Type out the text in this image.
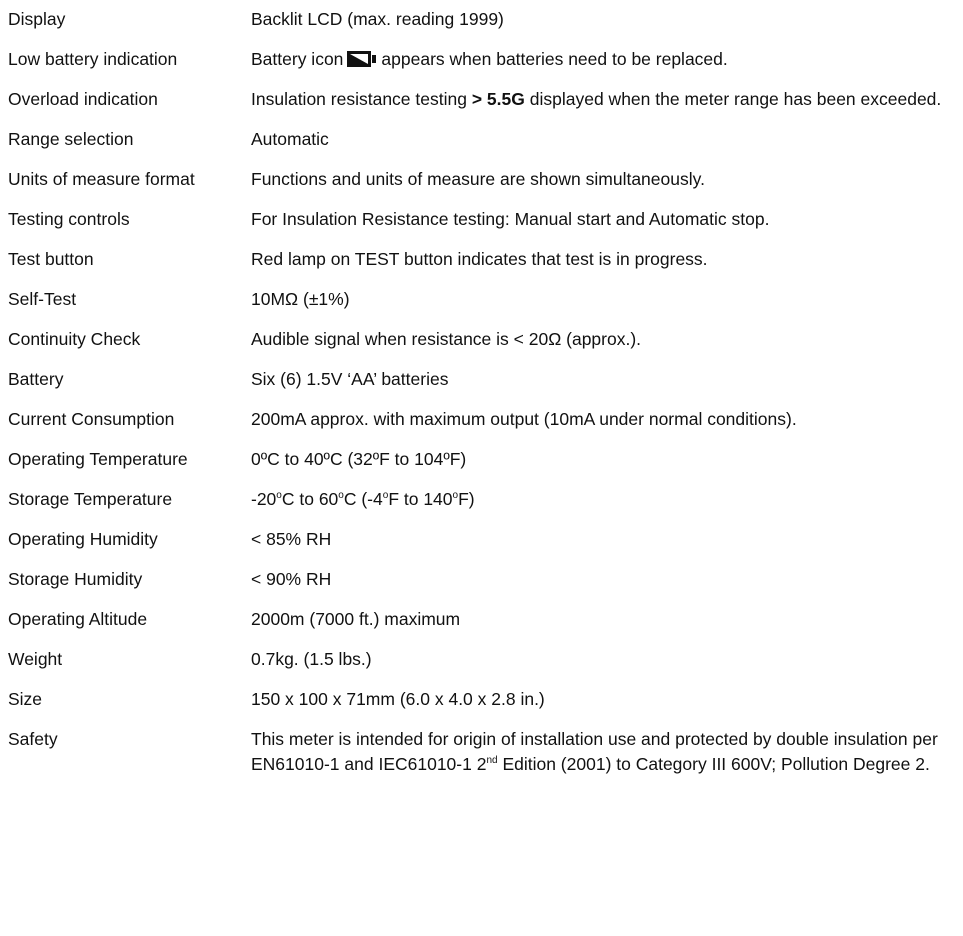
Display	Backlit LCD (max. reading 1999)
Low battery indication	Battery icon appears when batteries need to be replaced.
Overload indication	Insulation resistance testing > 5.5G displayed when the meter range has been exceeded.
Range selection	Automatic
Units of measure format	Functions and units of measure are shown simultaneously.
Testing controls	For Insulation Resistance testing: Manual start and Automatic stop.
Test button	Red lamp on TEST button indicates that test is in progress.
Self-Test	10MΩ (±1%)
Continuity Check	Audible signal when resistance is < 20Ω (approx.).
Battery	Six (6) 1.5V ‘AA’ batteries
Current Consumption	200mA approx. with maximum output (10mA under normal conditions).
Operating Temperature	0ºC to 40ºC (32ºF to 104ºF)
Storage Temperature	-20$^o$C to 60$^o$C (-4$^o$F to 140$^o$F)
Operating Humidity	< 85% RH
Storage Humidity	< 90% RH
Operating Altitude	2000m (7000 ft.) maximum
Weight	0.7kg. (1.5 lbs.)
Size	150 x 100 x 71mm (6.0 x 4.0 x 2.8 in.)
Safety	This meter is intended for origin of installation use and protected by double insulation per EN61010-1 and IEC61010-1 2nd Edition (2001) to Category III 600V; Pollution Degree 2.
